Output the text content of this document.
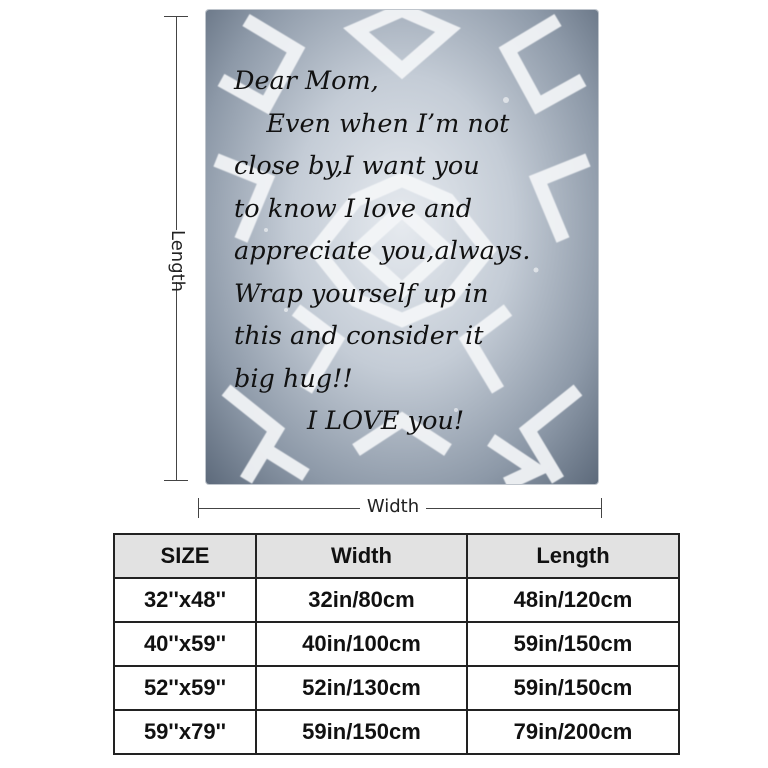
Dear Mom,
Even when I’m not
close by,I want you
to know I love and
appreciate you,always.
Wrap yourself up in
this and consider it
big hug!!
I LOVE you!
Length
Width
SIZE	Width	Length
32''x48''	32in/80cm	48in/120cm
40''x59''	40in/100cm	59in/150cm
52''x59''	52in/130cm	59in/150cm
59''x79''	59in/150cm	79in/200cm
